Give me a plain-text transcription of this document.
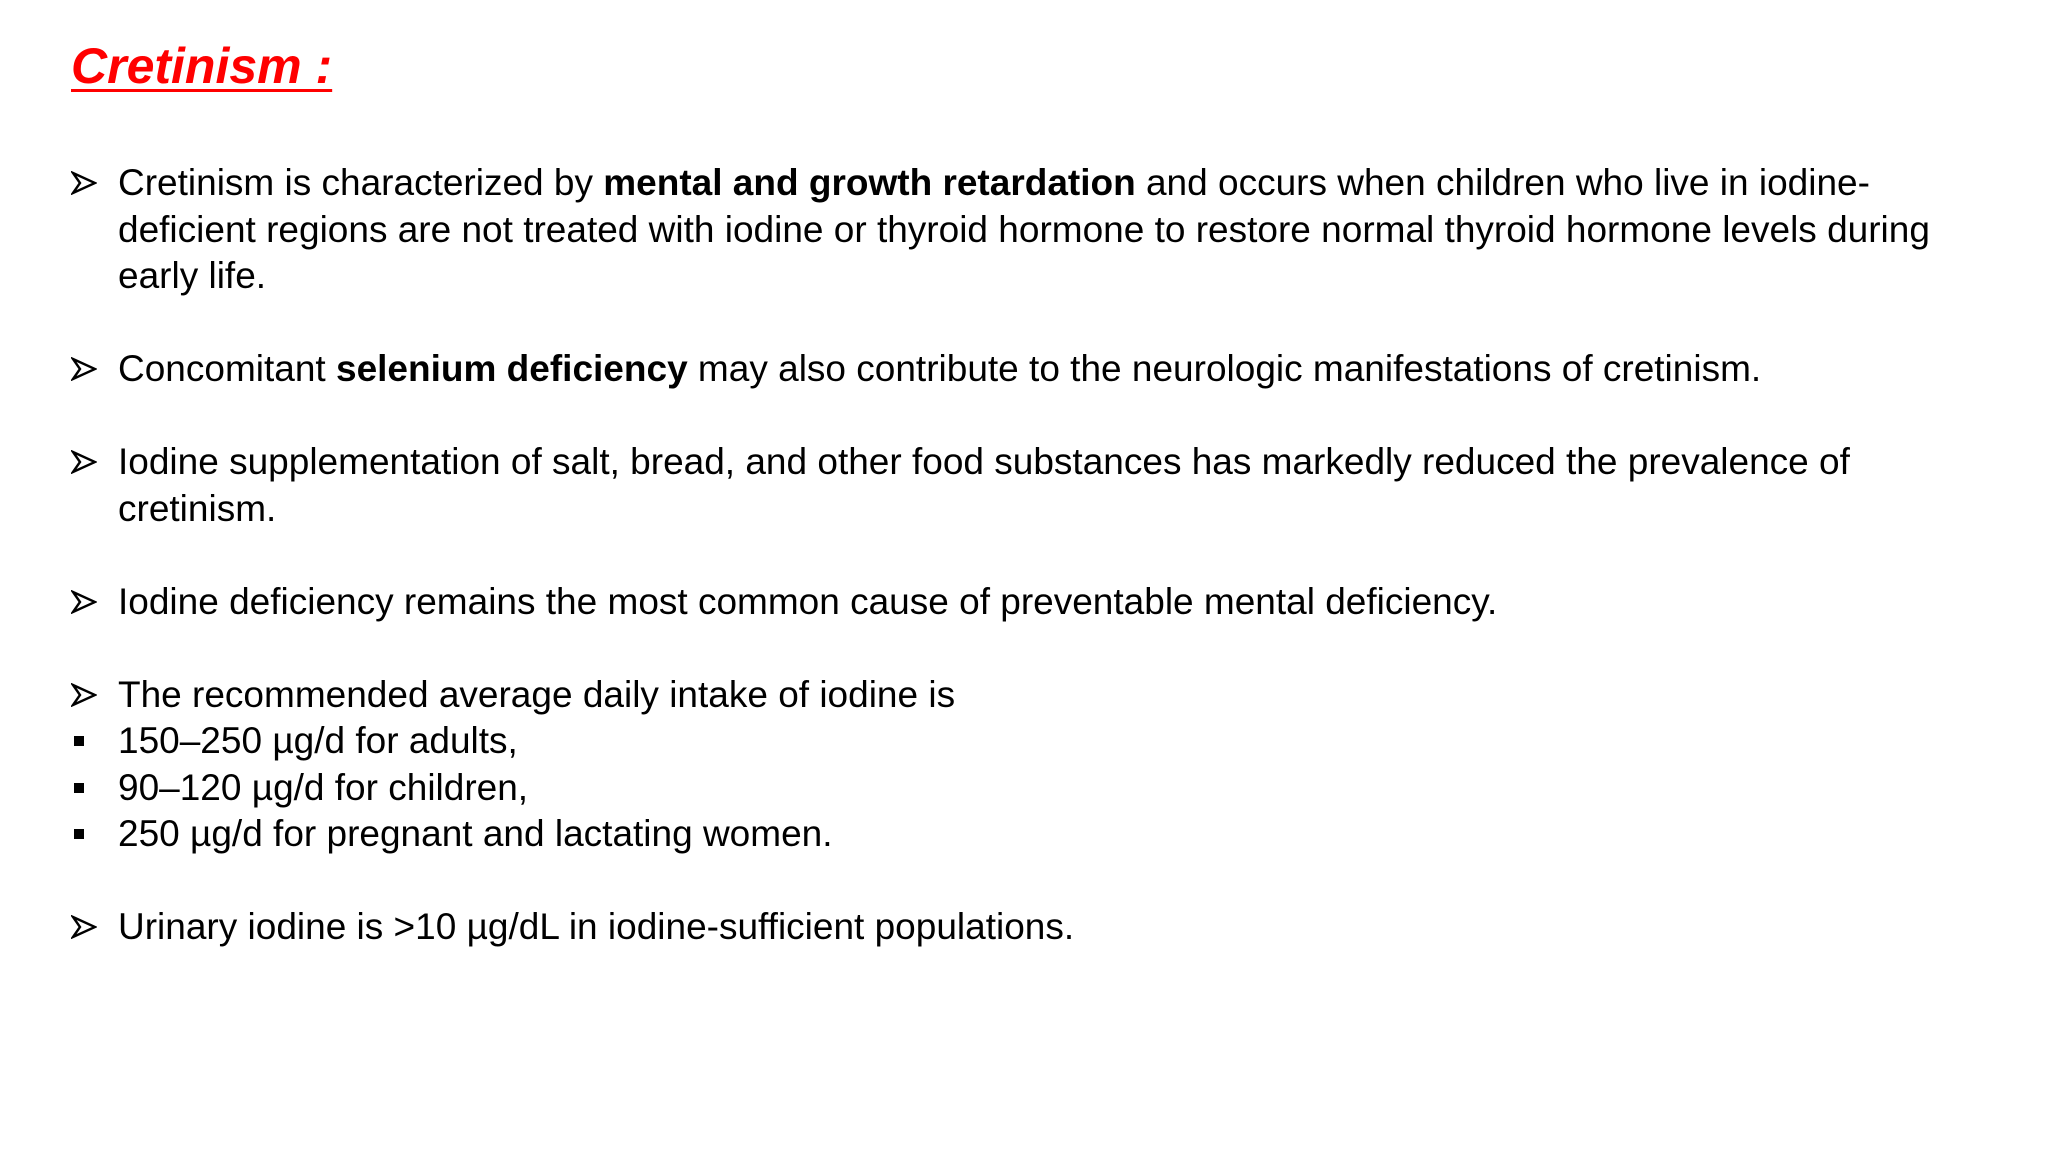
Cretinism :
Cretinism is characterized by mental and growth retardation and occurs when children who live in iodine-deficient regions are not treated with iodine or thyroid hormone to restore normal thyroid hormone levels during early life.
Concomitant selenium deficiency may also contribute to the neurologic manifestations of cretinism.
Iodine supplementation of salt, bread, and other food substances has markedly reduced the prevalence of cretinism.
Iodine deficiency remains the most common cause of preventable mental deficiency.
The recommended average daily intake of iodine is
150–250 µg/d for adults,
90–120 µg/d for children,
250 µg/d for pregnant and lactating women.
Urinary iodine is >10 µg/dL in iodine-sufficient populations.
